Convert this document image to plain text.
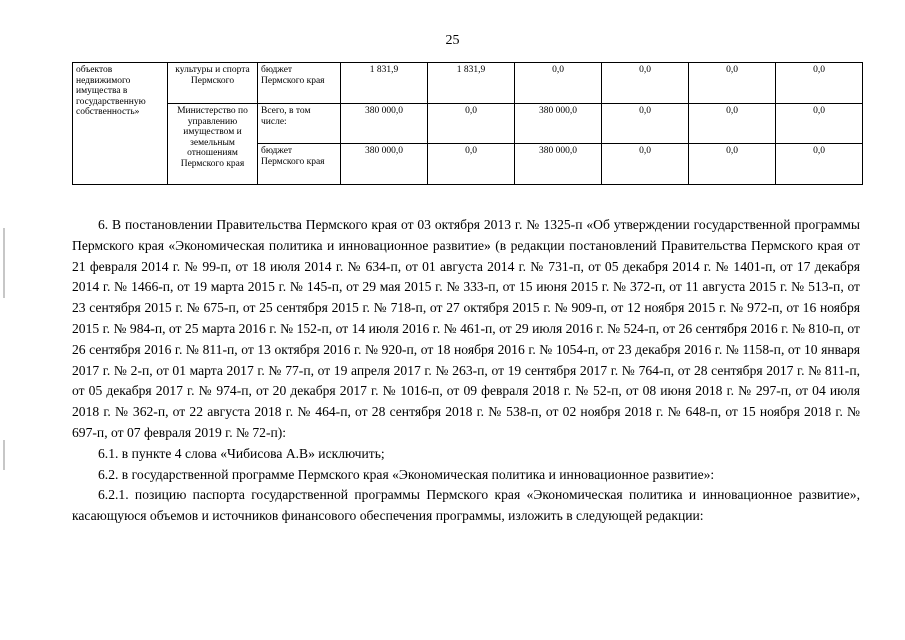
25
объектов недвижимого имущества в государственную собственность»	культуры и спорта Пермского	бюджет Пермского края	1 831,9	1 831,9	0,0	0,0	0,0	0,0
	Министерство по управлению имуществом и земельным отношениям Пермского края	Всего, в том числе:	380 000,0	0,0	380 000,0	0,0	0,0	0,0
		бюджет Пермского края	380 000,0	0,0	380 000,0	0,0	0,0	0,0

6. В постановлении Правительства Пермского края от 03 октября 2013 г. № 1325-п «Об утверждении государственной программы Пермского края «Экономическая политика и инновационное развитие» (в редакции постановлений Правительства Пермского края от 21 февраля 2014 г. № 99-п, от 18 июля 2014 г. № 634-п, от 01 августа 2014 г. № 731-п, от 05 декабря 2014 г. № 1401-п, от 17 декабря 2014 г. № 1466-п, от 19 марта 2015 г. № 145-п, от 29 мая 2015 г. № 333-п, от 15 июня 2015 г. № 372-п, от 11 августа 2015 г. № 513-п, от 23 сентября 2015 г. № 675-п, от 25 сентября 2015 г. № 718-п, от 27 октября 2015 г. № 909-п, от 12 ноября 2015 г. № 972-п, от 16 ноября 2015 г. № 984-п, от 25 марта 2016 г. № 152-п, от 14 июля 2016 г. № 461-п, от 29 июля 2016 г. № 524-п, от 26 сентября 2016 г. № 810-п, от 26 сентября 2016 г. № 811-п, от 13 октября 2016 г. № 920-п, от 18 ноября 2016 г. № 1054-п, от 23 декабря 2016 г. № 1158-п, от 10 января 2017 г. № 2-п, от 01 марта 2017 г. № 77-п, от 19 апреля 2017 г. № 263-п, от 19 сентября 2017 г. № 764-п, от 28 сентября 2017 г. № 811-п, от 05 декабря 2017 г. № 974-п, от 20 декабря 2017 г. № 1016-п, от 09 февраля 2018 г. № 52-п, от 08 июня 2018 г. № 297-п, от 04 июля 2018 г. № 362-п, от 22 августа 2018 г. № 464-п, от 28 сентября 2018 г. № 538-п, от 02 ноября 2018 г. № 648-п, от 15 ноября 2018 г. № 697-п, от 07 февраля 2019 г. № 72-п):

6.1. в пункте 4 слова «Чибисова А.В» исключить;

6.2. в государственной программе Пермского края «Экономическая политика и инновационное развитие»:

6.2.1. позицию паспорта государственной программы Пермского края «Экономическая политика и инновационное развитие», касающуюся объемов и источников финансового обеспечения программы, изложить в следующей редакции:
